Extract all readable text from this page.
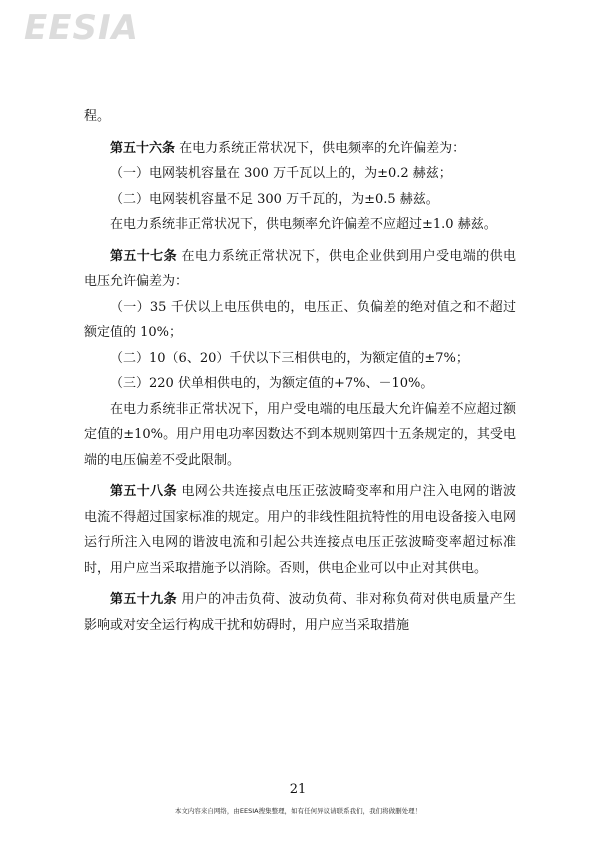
EESIA

程。

第五十六条 在电力系统正常状况下，供电频率的允许偏差为：

（一）电网装机容量在 300 万千瓦以上的，为±0.2 赫兹；

（二）电网装机容量不足 300 万千瓦的，为±0.5 赫兹。

在电力系统非正常状况下，供电频率允许偏差不应超过±1.0 赫兹。

第五十七条 在电力系统正常状况下，供电企业供到用户受电端的供电电压允许偏差为：

（一）35 千伏以上电压供电的，电压正、负偏差的绝对值之和不超过额定值的 10%；

（二）10（6、20）千伏以下三相供电的，为额定值的±7%；

（三）220 伏单相供电的，为额定值的+7%、－10%。

在电力系统非正常状况下，用户受电端的电压最大允许偏差不应超过额定值的±10%。用户用电功率因数达不到本规则第四十五条规定的，其受电端的电压偏差不受此限制。

第五十八条 电网公共连接点电压正弦波畸变率和用户注入电网的谐波电流不得超过国家标准的规定。用户的非线性阻抗特性的用电设备接入电网运行所注入电网的谐波电流和引起公共连接点电压正弦波畸变率超过标准时，用户应当采取措施予以消除。否则，供电企业可以中止对其供电。

第五十九条 用户的冲击负荷、波动负荷、非对称负荷对供电质量产生影响或对安全运行构成干扰和妨碍时，用户应当采取措施

21
本文内容来自网络，由EESIA搜集整理，如有任何异议请联系我们，我们将做删处理！
